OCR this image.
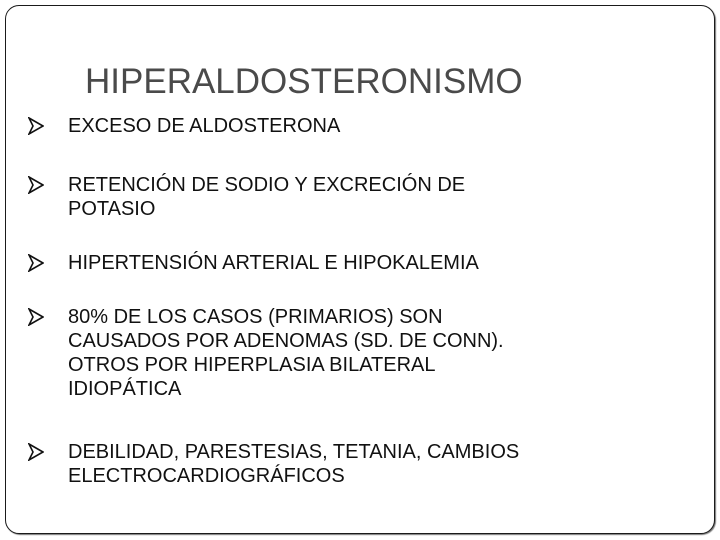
HIPERALDOSTERONISMO
EXCESO DE ALDOSTERONA
RETENCIÓN DE SODIO Y EXCRECIÓN DE
POTASIO
HIPERTENSIÓN ARTERIAL E HIPOKALEMIA
80% DE LOS CASOS (PRIMARIOS) SON
CAUSADOS POR ADENOMAS (SD. DE CONN).
OTROS POR HIPERPLASIA BILATERAL
IDIOPÁTICA
DEBILIDAD, PARESTESIAS, TETANIA, CAMBIOS
ELECTROCARDIOGRÁFICOS
